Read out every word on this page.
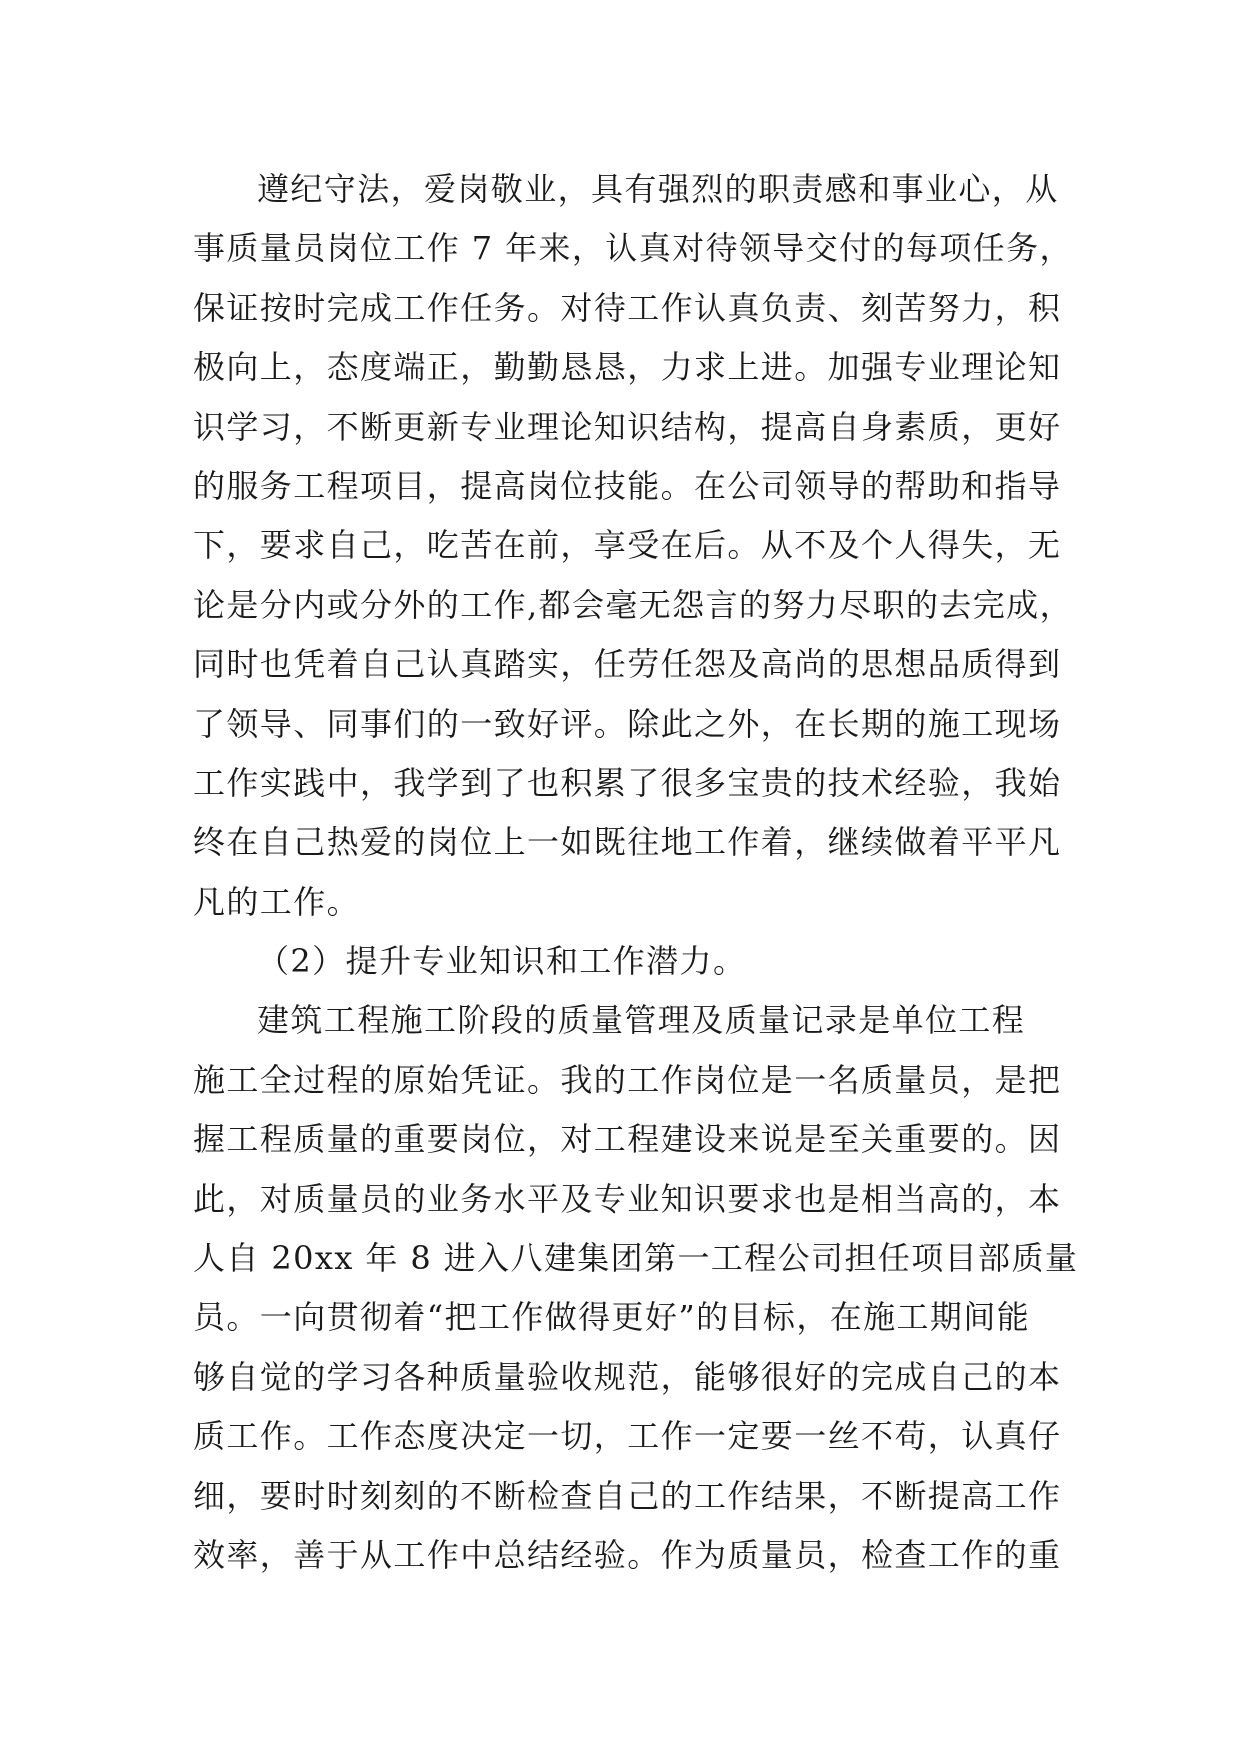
遵纪守法，爱岗敬业，具有强烈的职责感和事业心，从
事质量员岗位工作 7 年来，认真对待领导交付的每项任务，
保证按时完成工作任务。对待工作认真负责、刻苦努力，积
极向上，态度端正，勤勤恳恳，力求上进。加强专业理论知
识学习，不断更新专业理论知识结构，提高自身素质，更好
的服务工程项目，提高岗位技能。在公司领导的帮助和指导
下，要求自己，吃苦在前，享受在后。从不及个人得失，无
论是分内或分外的工作,都会毫无怨言的努力尽职的去完成，
同时也凭着自己认真踏实，任劳任怨及高尚的思想品质得到
了领导、同事们的一致好评。除此之外，在长期的施工现场
工作实践中，我学到了也积累了很多宝贵的技术经验，我始
终在自己热爱的岗位上一如既往地工作着，继续做着平平凡
凡的工作。
（2）提升专业知识和工作潜力。
建筑工程施工阶段的质量管理及质量记录是单位工程
施工全过程的原始凭证。我的工作岗位是一名质量员，是把
握工程质量的重要岗位，对工程建设来说是至关重要的。因
此，对质量员的业务水平及专业知识要求也是相当高的，本
人自 20xx 年 8 进入八建集团第一工程公司担任项目部质量
员。一向贯彻着“把工作做得更好”的目标，在施工期间能
够自觉的学习各种质量验收规范，能够很好的完成自己的本
质工作。工作态度决定一切，工作一定要一丝不苟，认真仔
细，要时时刻刻的不断检查自己的工作结果，不断提高工作
效率，善于从工作中总结经验。作为质量员，检查工作的重
